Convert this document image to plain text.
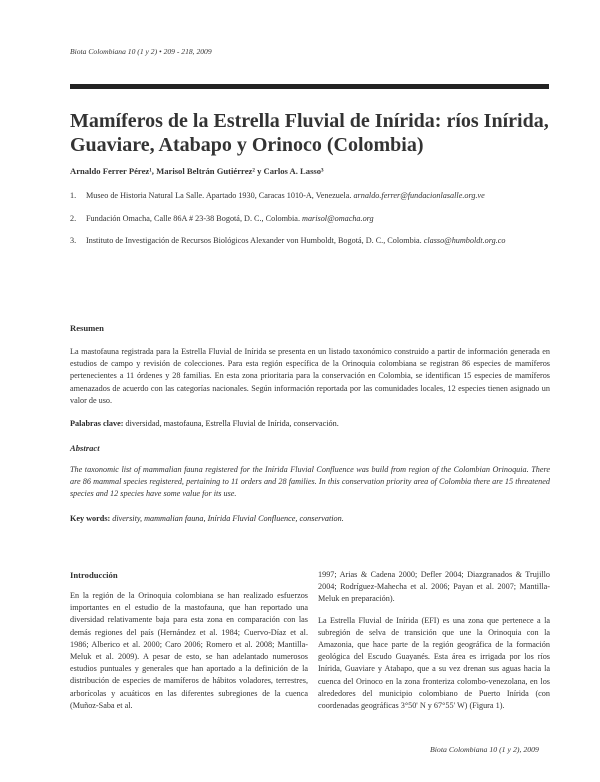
Biota Colombiana 10 (1 y 2) • 209 - 218, 2009
Mamíferos de la Estrella Fluvial de Inírida: ríos Inírida,
Guaviare, Atabapo y Orinoco (Colombia)
Arnaldo Ferrer Pérez¹, Marisol Beltrán Gutiérrez² y Carlos A. Lasso³
1.	Museo de Historia Natural La Salle. Apartado 1930, Caracas 1010-A, Venezuela. arnaldo.ferrer@fundacionlasalle.org.ve
2.	Fundación Omacha, Calle 86A # 23-38 Bogotá, D. C., Colombia. marisol@omacha.org
3.	Instituto de Investigación de Recursos Biológicos Alexander von Humboldt, Bogotá, D. C., Colombia. classo@humboldt.org.co
Resumen
La mastofauna registrada para la Estrella Fluvial de Inírida se presenta en un listado taxonómico construido a partir de información generada en estudios de campo y revisión de colecciones. Para esta región específica de la Orinoquia colombiana se registran 86 especies de mamíferos pertenecientes a 11 órdenes y 28 familias. En esta zona prioritaria para la conservación en Colombia, se identifican 15 especies de mamíferos amenazados de acuerdo con las categorías nacionales. Según información reportada por las comunidades locales, 12 especies tienen asignado un valor de uso.
Palabras clave: diversidad, mastofauna, Estrella Fluvial de Inírida, conservación.
Abstract
The taxonomic list of mammalian fauna registered for the Inírida Fluvial Confluence was build from region of the Colombian Orinoquia. There are 86 mammal species registered, pertaining to 11 orders and 28 families. In this conservation priority area of Colombia there are 15 threatened species and 12 species have some value for its use.
Key words: diversity, mammalian fauna, Inírida Fluvial Confluence, conservation.
Introducción

En la región de la Orinoquia colombiana se han realizado esfuerzos importantes en el estudio de la mastofauna, que han reportado una diversidad relativamente baja para esta zona en comparación con las demás regiones del país (Hernández et al. 1984; Cuervo-Díaz et al. 1986; Alberico et al. 2000; Caro 2006; Romero et al. 2008; Mantilla-Meluk et al. 2009). A pesar de esto, se han adelantado numerosos estudios puntuales y generales que han aportado a la definición de la distribución de especies de mamíferos de hábitos voladores, terrestres, arborícolas y acuáticos en las diferentes subregiones de la cuenca (Muñoz-Saba et al.

1997; Arias & Cadena 2000; Defler 2004; Diazgranados & Trujillo 2004; Rodríguez-Mahecha et al. 2006; Payan et al. 2007; Mantilla-Meluk en preparación).

La Estrella Fluvial de Inírida (EFI) es una zona que pertenece a la subregión de selva de transición que une la Orinoquia con la Amazonia, que hace parte de la región geográfica de la formación geológica del Escudo Guayanés. Esta área es irrigada por los ríos Inírida, Guaviare y Atabapo, que a su vez drenan sus aguas hacia la cuenca del Orinoco en la zona fronteriza colombo-venezolana, en los alrededores del municipio colombiano de Puerto Inírida (con coordenadas geográficas 3°50' N y 67°55' W) (Figura 1).

Biota Colombiana 10 (1 y 2), 2009
